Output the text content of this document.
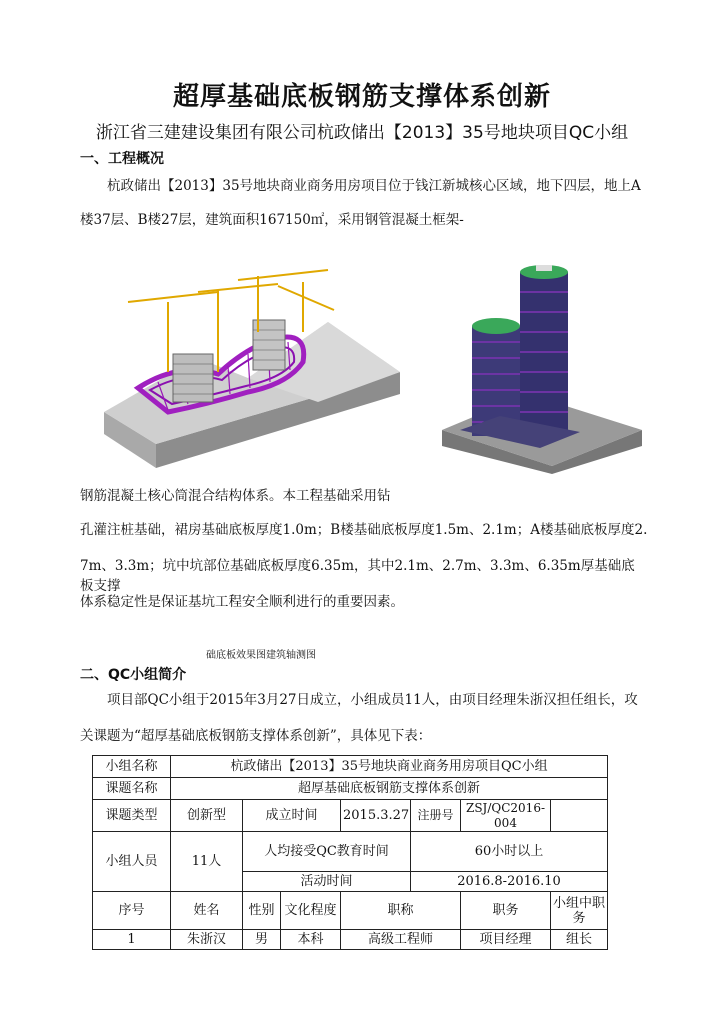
超厚基础底板钢筋支撑体系创新
浙江省三建建设集团有限公司杭政储出【2013】35号地块项目QC小组
一、工程概况
杭政储出【2013】35号地块商业商务用房项目位于钱江新城核心区域，地下四层，地上A
楼37层、B楼27层，建筑面积167150㎡，采用钢管混凝土框架-
钢筋混凝土核心筒混合结构体系。本工程基础采用钻
孔灌注桩基础，裙房基础底板厚度1.0m；B楼基础底板厚度1.5m、2.1m；A楼基础底板厚度2.
7m、3.3m；坑中坑部位基础底板厚度6.35m，其中2.1m、2.7m、3.3m、6.35m厚基础底板支撑
体系稳定性是保证基坑工程安全顺利进行的重要因素。
础底板效果图建筑轴测图
二、QC小组简介
项目部QC小组于2015年3月27日成立，小组成员11人，由项目经理朱浙汉担任组长，攻
关课题为“超厚基础底板钢筋支撑体系创新”，具体见下表：
小组名称	杭政储出【2013】35号地块商业商务用房项目QC小组						
课题名称	超厚基础底板钢筋支撑体系创新						
课题类型	创新型	成立时间		2015.3.27	注册号	ZSJ/QC2016-004	
小组人员	11人	人均接受QC教育时间			60小时以上		
		活动时间			2016.8-2016.10		
序号	姓名	性别	文化程度	职称		职务	小组中职务
1	朱浙汉	男	本科	高级工程师		项目经理	组长
